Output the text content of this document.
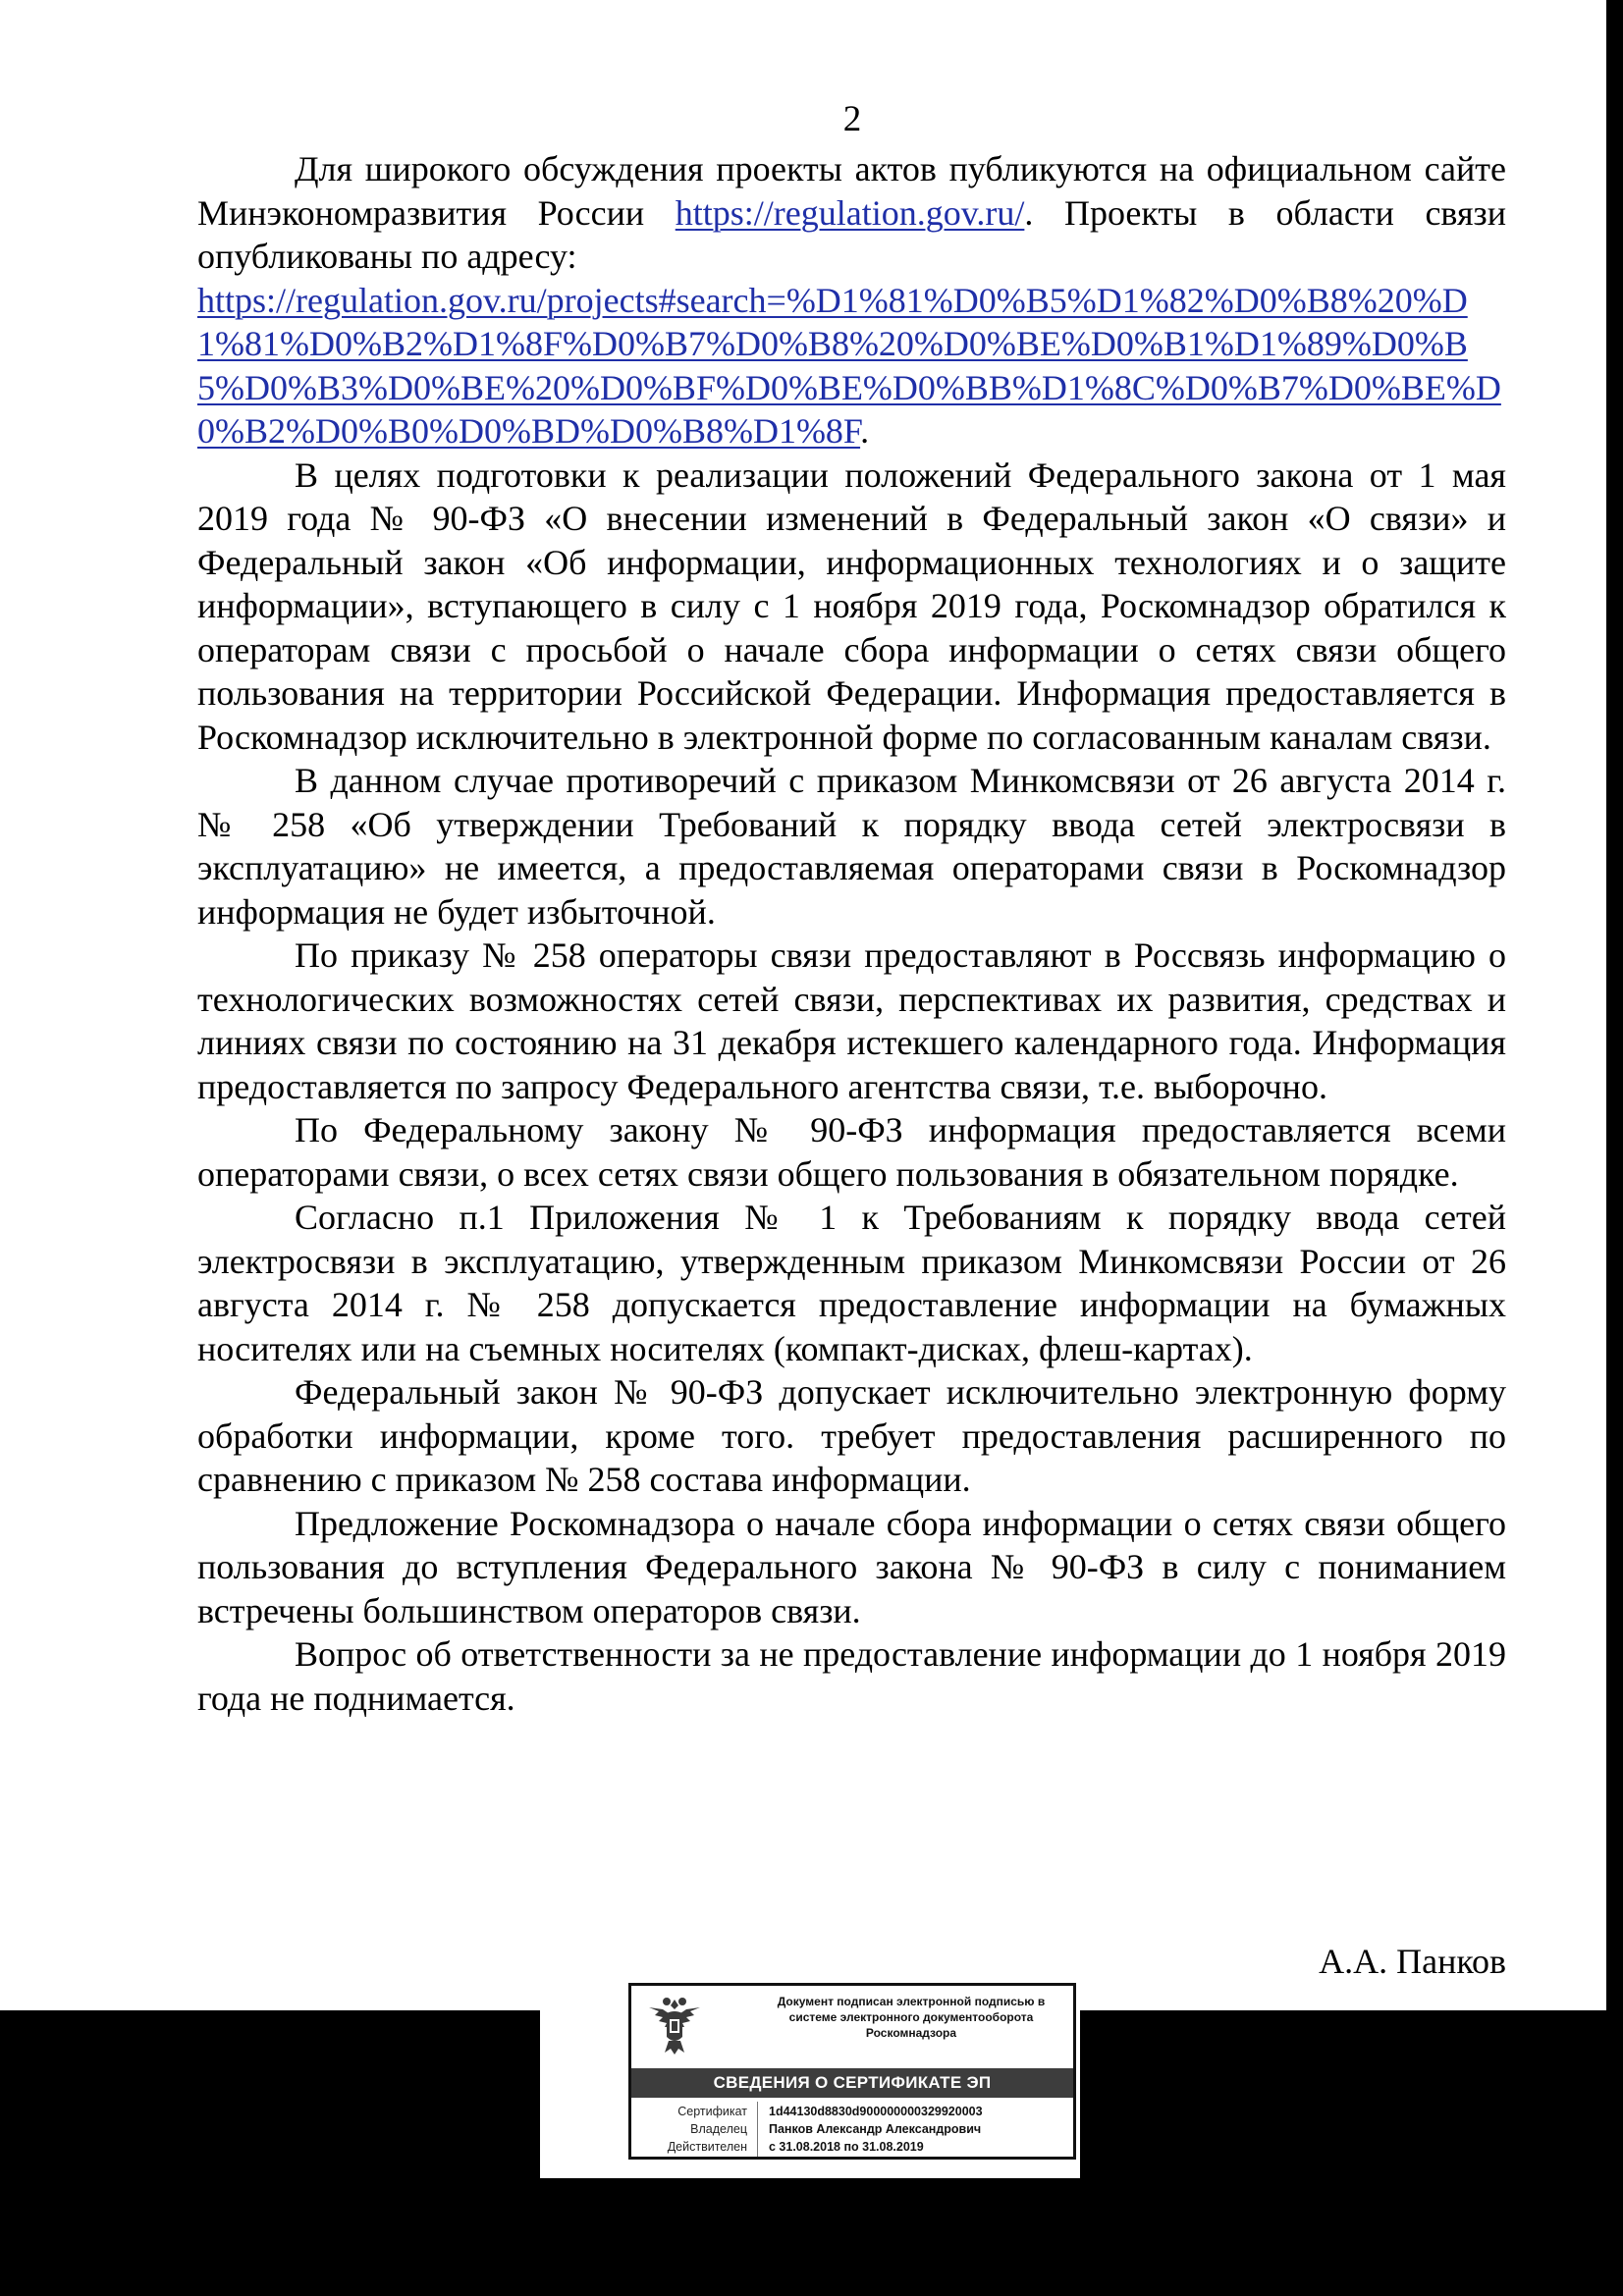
2

Для широкого обсуждения проекты актов публикуются на официальном сайте Минэкономразвития России https://regulation.gov.ru/. Проекты в области связи опубликованы по адресу:

https://regulation.gov.ru/projects#search=%D1%81%D0%B5%D1%82%D0%B8%20%D1%81%D0%B2%D1%8F%D0%B7%D0%B8%20%D0%BE%D0%B1%D1%89%D0%B5%D0%B3%D0%BE%20%D0%BF%D0%BE%D0%BB%D1%8C%D0%B7%D0%BE%D0%B2%D0%B0%D0%BD%D0%B8%D1%8F.

В целях подготовки к реализации положений Федерального закона от 1 мая 2019 года № 90-ФЗ «О внесении изменений в Федеральный закон «О связи» и Федеральный закон «Об информации, информационных технологиях и о защите информации», вступающего в силу с 1 ноября 2019 года, Роскомнадзор обратился к операторам связи с просьбой о начале сбора информации о сетях связи общего пользования на территории Российской Федерации. Информация предоставляется в Роскомнадзор исключительно в электронной форме по согласованным каналам связи.

В данном случае противоречий с приказом Минкомсвязи от 26 августа 2014 г. № 258 «Об утверждении Требований к порядку ввода сетей электросвязи в эксплуатацию» не имеется, а предоставляемая операторами связи в Роскомнадзор информация не будет избыточной.

По приказу № 258 операторы связи предоставляют в Россвязь информацию о технологических возможностях сетей связи, перспективах их развития, средствах и линиях связи по состоянию на 31 декабря истекшего календарного года. Информация предоставляется по запросу Федерального агентства связи, т.е. выборочно.

По Федеральному закону № 90-ФЗ информация предоставляется всеми операторами связи, о всех сетях связи общего пользования в обязательном порядке.

Согласно п.1 Приложения № 1 к Требованиям к порядку ввода сетей электросвязи в эксплуатацию, утвержденным приказом Минкомсвязи России от 26 августа 2014 г. № 258 допускается предоставление информации на бумажных носителях или на съемных носителях (компакт-дисках, флеш-картах).

Федеральный закон № 90-ФЗ допускает исключительно электронную форму обработки информации, кроме того. требует предоставления расширенного по сравнению с приказом № 258 состава информации.

Предложение Роскомнадзора о начале сбора информации о сетях связи общего пользования до вступления Федерального закона № 90-ФЗ в силу с пониманием встречены большинством операторов связи.

Вопрос об ответственности за не предоставление информации до 1 ноября 2019 года не поднимается.

А.А. Панков
Документ подписан электронной подписью в системе электронного документооборота Роскомнадзора
СВЕДЕНИЯ О СЕРТИФИКАТЕ ЭП
Сертификат 1d44130d8830d900000000329920003
Владелец Панков Александр Александрович
Действителен с 31.08.2018 по 31.08.2019
